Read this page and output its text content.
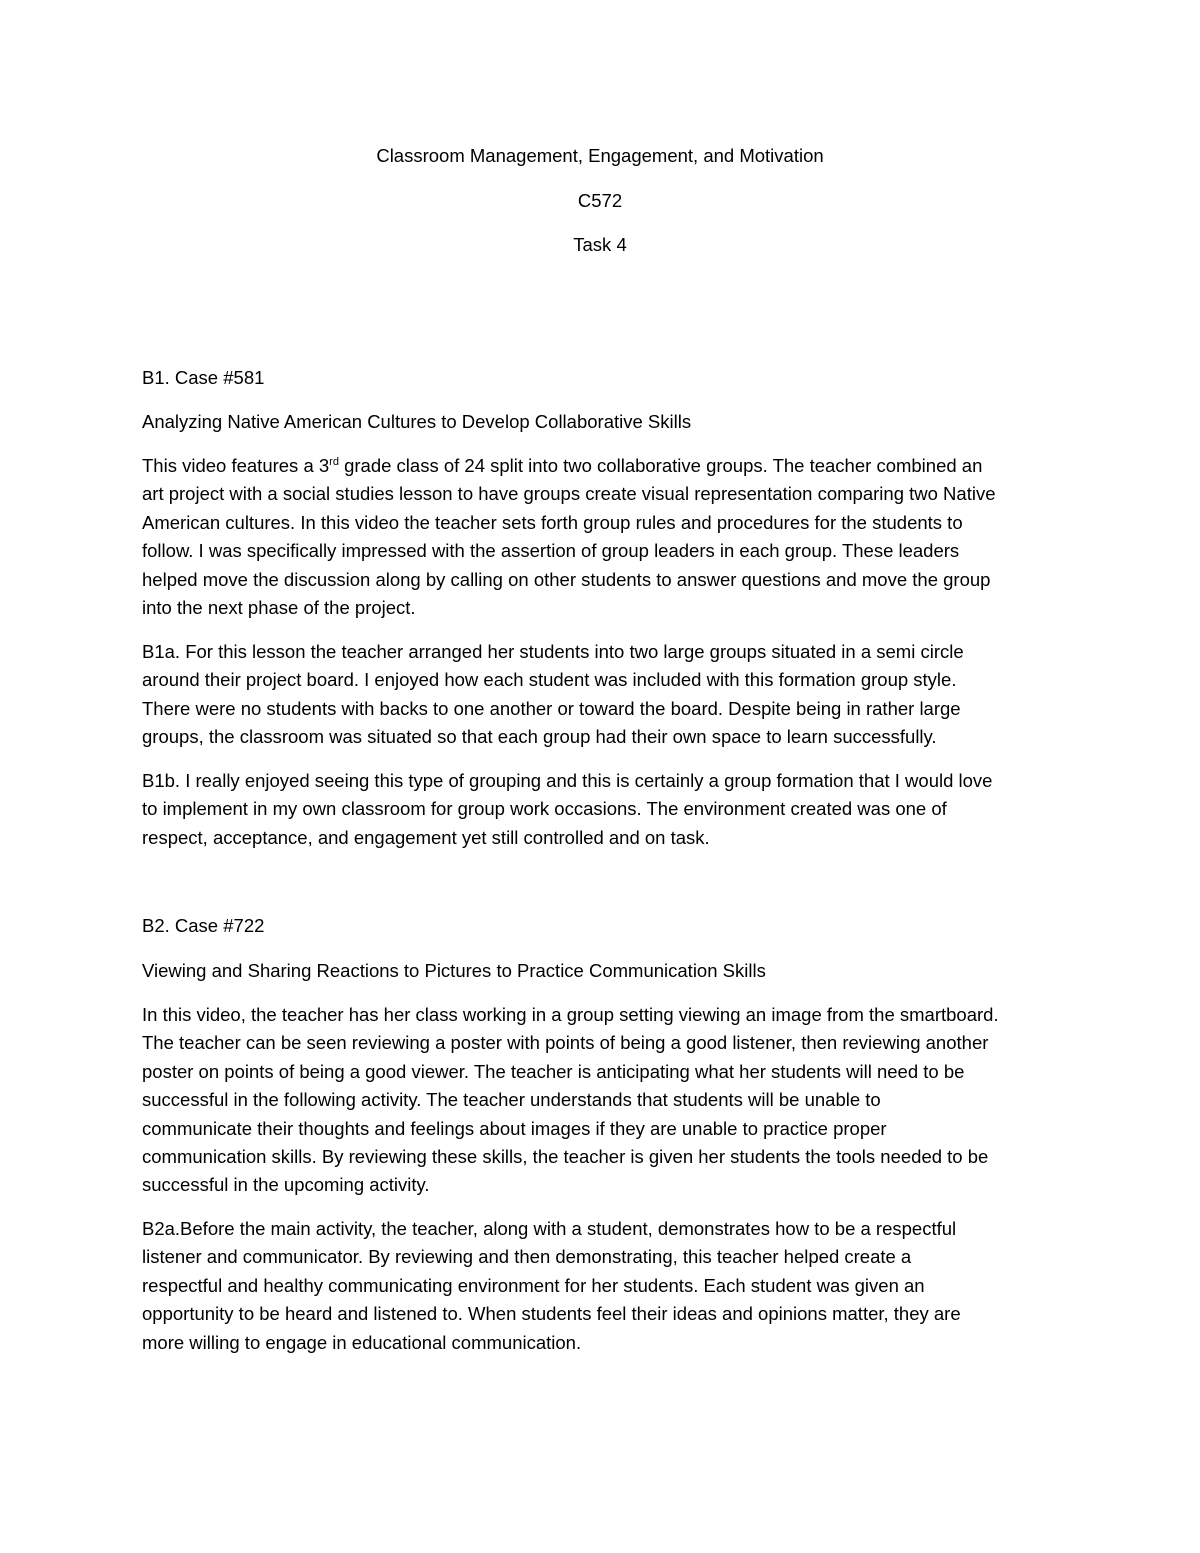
Classroom Management, Engagement, and Motivation

C572

Task 4

B1. Case #581

Analyzing Native American Cultures to Develop Collaborative Skills

This video features a 3rd grade class of 24 split into two collaborative groups. The teacher combined an
art project with a social studies lesson to have groups create visual representation comparing two Native
American cultures. In this video the teacher sets forth group rules and procedures for the students to
follow. I was specifically impressed with the assertion of group leaders in each group. These leaders
helped move the discussion along by calling on other students to answer questions and move the group
into the next phase of the project.
B1a. For this lesson the teacher arranged her students into two large groups situated in a semi circle
around their project board. I enjoyed how each student was included with this formation group style.
There were no students with backs to one another or toward the board. Despite being in rather large
groups, the classroom was situated so that each group had their own space to learn successfully.
B1b. I really enjoyed seeing this type of grouping and this is certainly a group formation that I would love
to implement in my own classroom for group work occasions. The environment created was one of
respect, acceptance, and engagement yet still controlled and on task.

B2. Case #722

Viewing and Sharing Reactions to Pictures to Practice Communication Skills

In this video, the teacher has her class working in a group setting viewing an image from the smartboard.
The teacher can be seen reviewing a poster with points of being a good listener, then reviewing another
poster on points of being a good viewer. The teacher is anticipating what her students will need to be
successful in the following activity. The teacher understands that students will be unable to
communicate their thoughts and feelings about images if they are unable to practice proper
communication skills. By reviewing these skills, the teacher is given her students the tools needed to be
successful in the upcoming activity.
B2a.Before the main activity, the teacher, along with a student, demonstrates how to be a respectful
listener and communicator. By reviewing and then demonstrating, this teacher helped create a
respectful and healthy communicating environment for her students. Each student was given an
opportunity to be heard and listened to. When students feel their ideas and opinions matter, they are
more willing to engage in educational communication.
